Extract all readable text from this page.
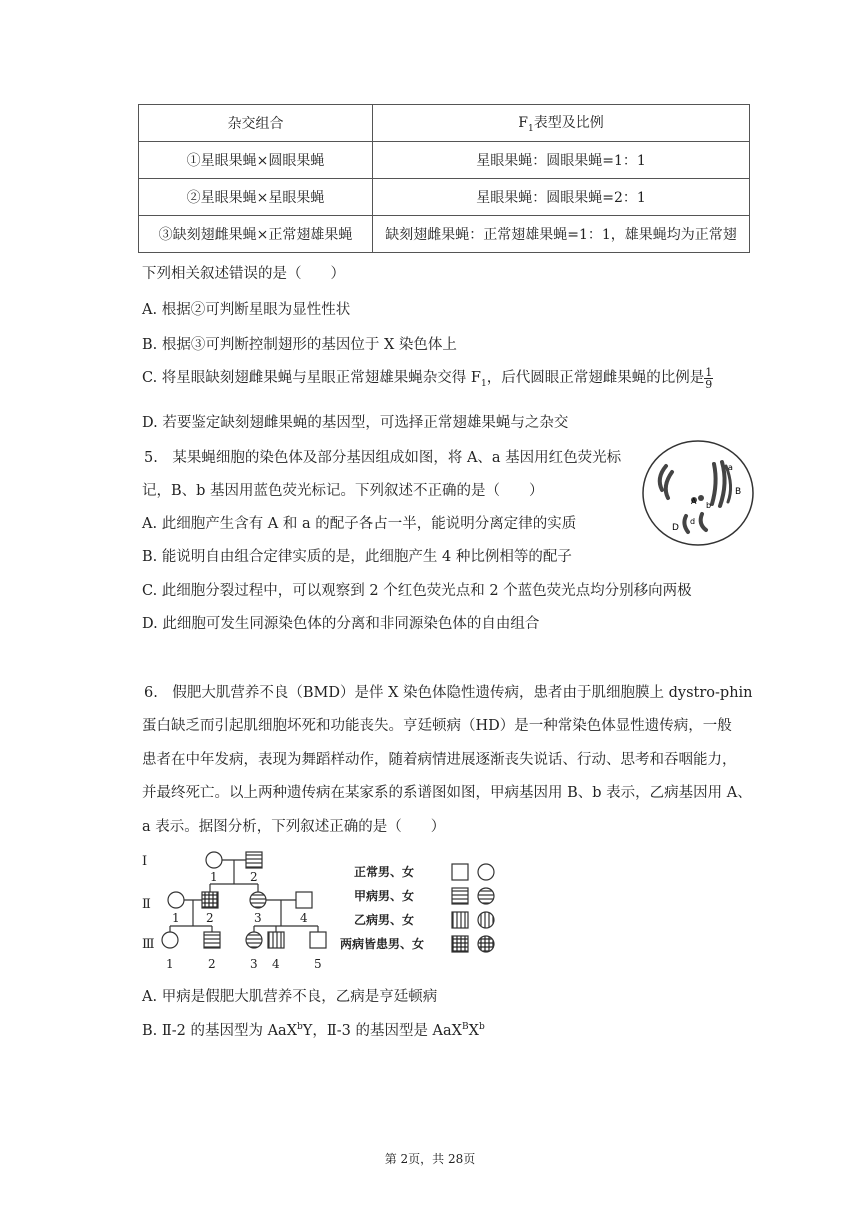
杂交组合	$F_1$表型及比例
①星眼果蝇×圆眼果蝇	星眼果蝇：圆眼果蝇=1：1
②星眼果蝇×星眼果蝇	星眼果蝇：圆眼果蝇=2：1
③缺刻翅雌果蝇×正常翅雄果蝇	缺刻翅雌果蝇：正常翅雄果蝇=1：1，雄果蝇均为正常翅
下列相关叙述错误的是（　　）
A. 根据②可判断星眼为显性性状
B. 根据③可判断控制翅形的基因位于 X 染色体上
C. 将星眼缺刻翅雌果蝇与星眼正常翅雄果蝇杂交得 $F_1$，后代圆眼正常翅雌果蝇的比例是 $\frac{1}{9}$
D. 若要鉴定缺刻翅雌果蝇的基因型，可选择正常翅雄果蝇与之杂交
5.　某果蝇细胞的染色体及部分基因组成如图，将 A、a 基因用红色荧光标
记，B、b 基因用蓝色荧光标记。下列叙述不正确的是（　　）
A. 此细胞产生含有 A 和 a 的配子各占一半，能说明分离定律的实质
B. 能说明自由组合定律实质的是，此细胞产生 4 种比例相等的配子
C. 此细胞分裂过程中，可以观察到 2 个红色荧光点和 2 个蓝色荧光点均分别移向两极
D. 此细胞可发生同源染色体的分离和非同源染色体的自由组合
A
a
B
b
D
d
6.　假肥大肌营养不良（BMD）是伴 X 染色体隐性遗传病，患者由于肌细胞膜上 dystro-phin
蛋白缺乏而引起肌细胞坏死和功能丧失。亨廷顿病（HD）是一种常染色体显性遗传病，一般
患者在中年发病，表现为舞蹈样动作，随着病情进展逐渐丧失说话、行动、思考和吞咽能力，
并最终死亡。以上两种遗传病在某家系的系谱图如图，甲病基因用 B、b 表示，乙病基因用 A、
a 表示。据图分析，下列叙述正确的是（　　）
Ⅰ
Ⅱ
Ⅲ
1	2
1 2	3	4
1	2	3 4	5
正常男、女
甲病男、女
乙病男、女
两病皆患男、女
A. 甲病是假肥大肌营养不良，乙病是亨廷顿病
B. Ⅱ-2 的基因型为 AaX$^b$Y，Ⅱ-3 的基因型是 $AaX^BX^b$
第 2页，共 28页
